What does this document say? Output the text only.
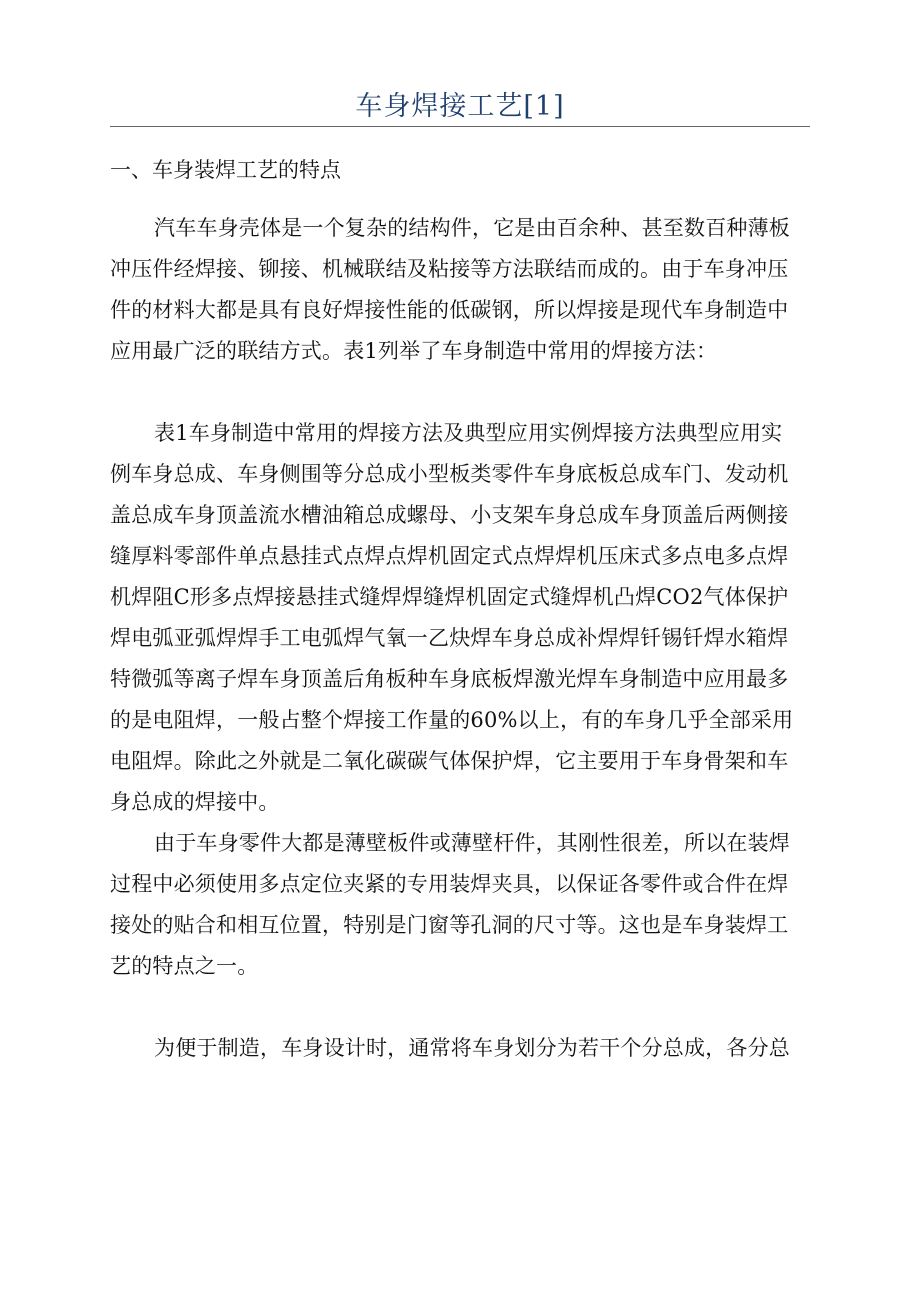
车身焊接工艺[1]
一、车身装焊工艺的特点
汽车车身壳体是一个复杂的结构件，它是由百余种、甚至数百种薄板
冲压件经焊接、铆接、机械联结及粘接等方法联结而成的。由于车身冲压
件的材料大都是具有良好焊接性能的低碳钢，所以焊接是现代车身制造中
应用最广泛的联结方式。表1列举了车身制造中常用的焊接方法：
表1车身制造中常用的焊接方法及典型应用实例焊接方法典型应用实
例车身总成、车身侧围等分总成小型板类零件车身底板总成车门、发动机
盖总成车身顶盖流水槽油箱总成螺母、小支架车身总成车身顶盖后两侧接
缝厚料零部件单点悬挂式点焊点焊机固定式点焊焊机压床式多点电多点焊
机焊阻C形多点焊接悬挂式缝焊焊缝焊机固定式缝焊机凸焊CO2气体保护
焊电弧亚弧焊焊手工电弧焊气氧一乙炔焊车身总成补焊焊钎锡钎焊水箱焊
特微弧等离子焊车身顶盖后角板种车身底板焊激光焊车身制造中应用最多
的是电阻焊，一般占整个焊接工作量的60%以上，有的车身几乎全部采用
电阻焊。除此之外就是二氧化碳碳气体保护焊，它主要用于车身骨架和车
身总成的焊接中。
由于车身零件大都是薄壁板件或薄壁杆件，其刚性很差，所以在装焊
过程中必须使用多点定位夹紧的专用装焊夹具，以保证各零件或合件在焊
接处的贴合和相互位置，特别是门窗等孔洞的尺寸等。这也是车身装焊工
艺的特点之一。
为便于制造，车身设计时，通常将车身划分为若干个分总成，各分总
